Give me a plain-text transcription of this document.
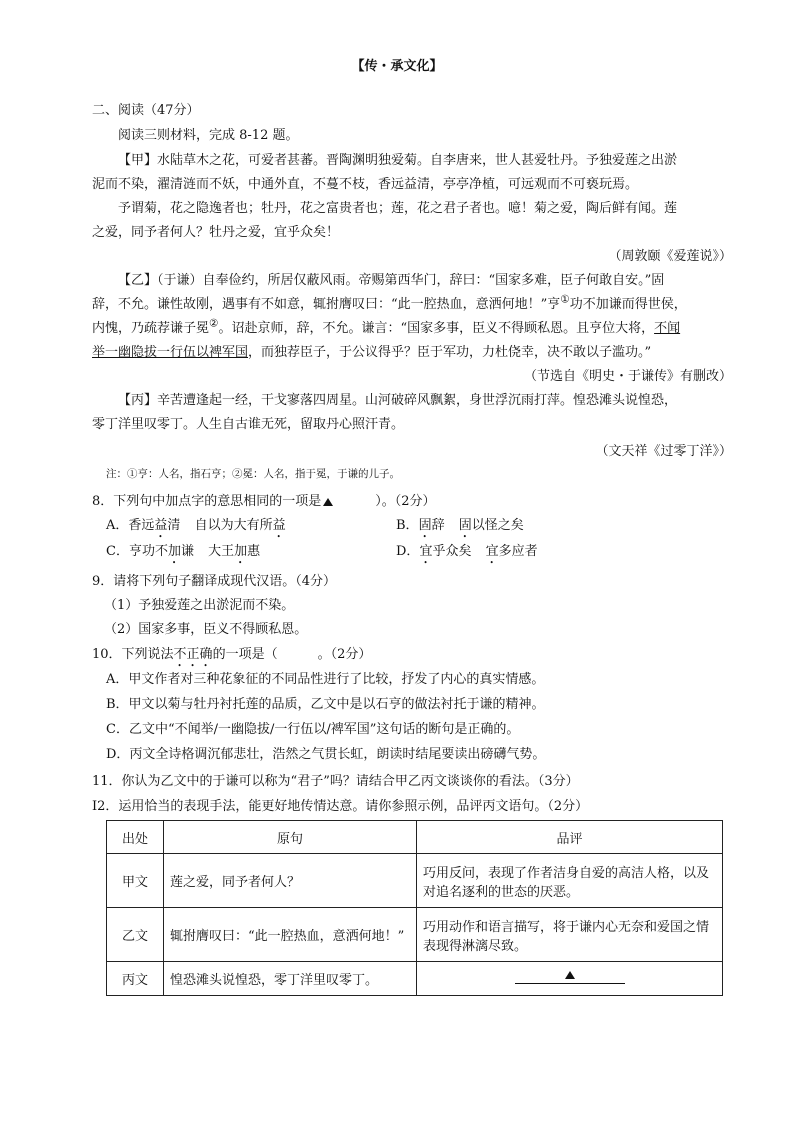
【传・承文化】
二、阅读（47分）
阅读三则材料，完成 8-12 题。
【甲】水陆草木之花，可爱者甚蕃。晋陶渊明独爱菊。自李唐来，世人甚爱牡丹。予独爱莲之出淤
泥而不染，濯清涟而不妖，中通外直，不蔓不枝，香远益清，亭亭净植，可远观而不可亵玩焉。
予谓菊，花之隐逸者也；牡丹，花之富贵者也；莲，花之君子者也。噫！菊之爱，陶后鲜有闻。莲
之爱，同予者何人？牡丹之爱，宜乎众矣！
（周敦颐《爱莲说》）
【乙】（于谦）自奉俭约，所居仅蔽风雨。帝赐第西华门，辞曰：“国家多难，臣子何敢自安。”固
辞，不允。谦性故刚，遇事有不如意，辄拊膺叹曰：“此一腔热血，意洒何地！”亨①功不加谦而得世侯，
内愧，乃疏荐谦子冕②。诏赴京师，辞，不允。谦言：“国家多事，臣义不得顾私恩。且亨位大将，不闻
举一幽隐拔一行伍以裨军国，而独荐臣子，于公议得乎？臣于军功，力杜侥幸，决不敢以子滥功。”
（节选自《明史・于谦传》有删改）
【丙】辛苦遭逢起一经，干戈寥落四周星。山河破碎风飘絮，身世浮沉雨打萍。惶恐滩头说惶恐，
零丁洋里叹零丁。人生自古谁无死，留取丹心照汗青。
（文天祥《过零丁洋》）
注：①亨：人名，指石亨；②冕：人名，指于冕，于谦的儿子。
8．下列句中加点字的意思相同的一项是	）。（2分）
A．香远益清 自以为大有所益	B．固辞 固以怪之矣
C．亨功不加谦 大王加惠	D．宜乎众矣 宜多应者
9．请将下列句子翻译成现代汉语。（4分）
（1）予独爱莲之出淤泥而不染。
（2）国家多事，臣义不得顾私恩。
10．下列说法不正确的一项是（	。（2分）
A．甲文作者对三种花象征的不同品性进行了比较，抒发了内心的真实情感。
B．甲文以菊与牡丹衬托莲的品质，乙文中是以石亨的做法衬托于谦的精神。
C．乙文中“不闻举/一幽隐拔/一行伍以/裨军国”这句话的断句是正确的。
D．丙文全诗格调沉郁悲壮，浩然之气贯长虹，朗读时结尾要读出磅礴气势。
11．你认为乙文中的于谦可以称为“君子”吗？请结合甲乙丙文谈谈你的看法。（3分）
I2．运用恰当的表现手法，能更好地传情达意。请你参照示例，品评丙文语句。（2分）
出处	原句	品评
甲文	莲之爱，同予者何人？	巧用反问，表现了作者洁身自爱的高洁人格，以及对追名逐利的世态的厌恶。
乙文	辄拊膺叹曰：“此一腔热血，意洒何地！”	巧用动作和语言描写，将于谦内心无奈和爱国之情表现得淋漓尽致。
丙文	惶恐滩头说惶恐，零丁洋里叹零丁。	
